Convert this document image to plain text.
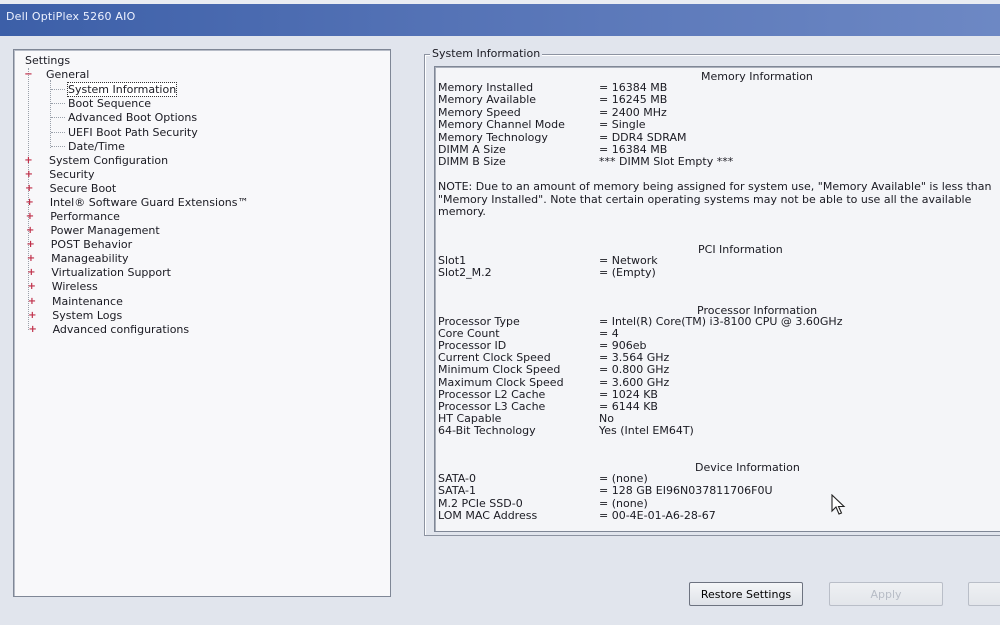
Dell OptiPlex 5260 AIO
Settings
− General
System Information
Boot Sequence
Advanced Boot Options
UEFI Boot Path Security
Date/Time
+ System Configuration
+ Security
+ Secure Boot
+ Intel® Software Guard Extensions™
+ Performance
+ Power Management
+ POST Behavior
+ Manageability
+ Virtualization Support
+ Wireless
+ Maintenance
+ System Logs
+ Advanced configurations
System Information
Memory Information
Memory Installed	= 16384 MB
Memory Available	= 16245 MB
Memory Speed	= 2400 MHz
Memory Channel Mode	= Single
Memory Technology	= DDR4 SDRAM
DIMM A Size	= 16384 MB
DIMM B Size	*** DIMM Slot Empty ***
PCI Information
Slot1	= Network
Slot2_M.2	= (Empty)
Processor Information
Processor Type	= Intel(R) Core(TM) i3-8100 CPU @ 3.60GHz
Core Count	= 4
Processor ID	= 906eb
Current Clock Speed	= 3.564 GHz
Minimum Clock Speed	= 0.800 GHz
Maximum Clock Speed	= 3.600 GHz
Processor L2 Cache	= 1024 KB
Processor L3 Cache	= 6144 KB
HT Capable	No
64-Bit Technology	Yes (Intel EM64T)
Device Information
SATA-0	= (none)
SATA-1	= 128 GB EI96N037811706F0U
M.2 PCIe SSD-0	= (none)
LOM MAC Address	= 00-4E-01-A6-28-67
NOTE: Due to an amount of memory being assigned for system use, "Memory Available" is less than "Memory Installed". Note that certain operating systems may not be able to use all the available memory.
Restore Settings	Apply
